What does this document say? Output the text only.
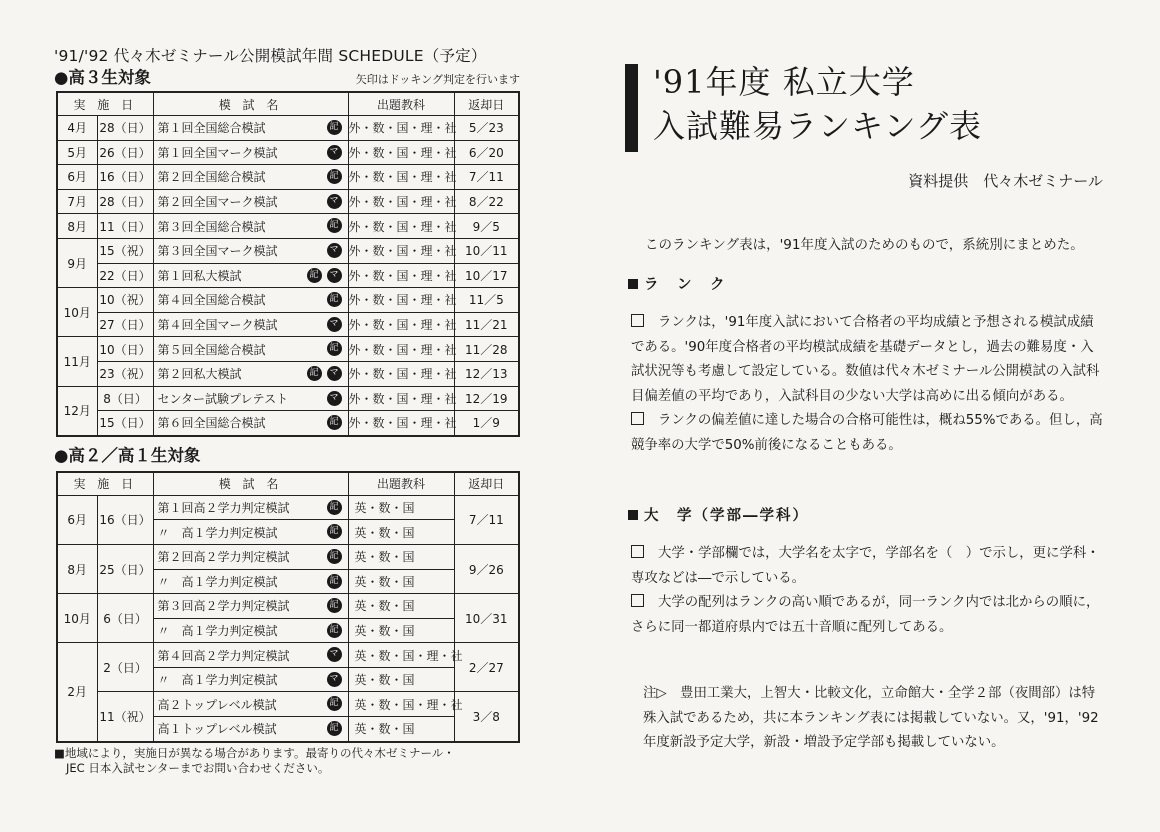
'91/'92 代々木ゼミナール公開模試年間 SCHEDULE（予定）
●高３生対象	矢印はドッキング判定を行います
実 施 日		模 試 名	出題教科	返却日
4月	28（日）	第１回全国総合模試 記	外・数・国・理・社	5／23
5月	26（日）	第１回全国マーク模試 マ	外・数・国・理・社	6／20
6月	16（日）	第２回全国総合模試 記	外・数・国・理・社	7／11
7月	28（日）	第２回全国マーク模試 マ	外・数・国・理・社	8／22
8月	11（日）	第３回全国総合模試 記	外・数・国・理・社	9／5
9月	15（祝）	第３回全国マーク模試 マ	外・数・国・理・社	10／11
	22（日）	第１回私大模試 記 マ	外・数・国・理・社	10／17
10月	10（祝）	第４回全国総合模試 記	外・数・国・理・社	11／5
	27（日）	第４回全国マーク模試 マ	外・数・国・理・社	11／21
11月	10（日）	第５回全国総合模試 記	外・数・国・理・社	11／28
	23（祝）	第２回私大模試 記 マ	外・数・国・理・社	12／13
12月	8（日）	センター試験プレテスト マ	外・数・国・理・社	12／19
	15（日）	第６回全国総合模試 記	外・数・国・理・社	1／9
●高２／高１生対象
実 施 日		模 試 名	出題教科	返却日
6月	16（日）	第１回高２学力判定模試 記	英・数・国	7／11
		〃　高１学力判定模試 記	英・数・国	
8月	25（日）	第２回高２学力判定模試 記	英・数・国	9／26
		〃　高１学力判定模試 記	英・数・国	
10月	6（日）	第３回高２学力判定模試 記	英・数・国	10／31
		〃　高１学力判定模試 記	英・数・国	
2月	2（日）	第４回高２学力判定模試 マ	英・数・国・理・社	2／27
		〃　高１学力判定模試 マ	英・数・国	
	11（祝）	高２トップレベル模試 記	英・数・国・理・社	3／8
		高１トップレベル模試 記	英・数・国	
■地域により，実施日が異なる場合があります。最寄りの代々木ゼミナール・
JEC 日本入試センターまでお問い合わせください。
'91年度 私立大学
入試難易ランキング表
資料提供　代々木ゼミナール
このランキング表は，'91年度入試のためのもので，系統別にまとめた。
ラ　ン　ク
ランクは，'91年度入試において合格者の平均成績と予想される模試成績である。'90年度合格者の平均模試成績を基礎データとし，過去の難易度・入試状況等も考慮して設定している。数値は代々木ゼミナール公開模試の入試科目偏差値の平均であり，入試科目の少ない大学は高めに出る傾向がある。
ランクの偏差値に達した場合の合格可能性は，概ね55%である。但し，高競争率の大学で50%前後になることもある。
大　学（学部―学科）
大学・学部欄では，大学名を太字で，学部名を（　）で示し，更に学科・専攻などは―で示している。
大学の配列はランクの高い順であるが，同一ランク内では北からの順に，さらに同一都道府県内では五十音順に配列してある。
注▷　豊田工業大，上智大・比較文化，立命館大・全学２部（夜間部）は特殊入試であるため，共に本ランキング表には掲載していない。又，'91，'92年度新設予定大学，新設・増設予定学部も掲載していない。
